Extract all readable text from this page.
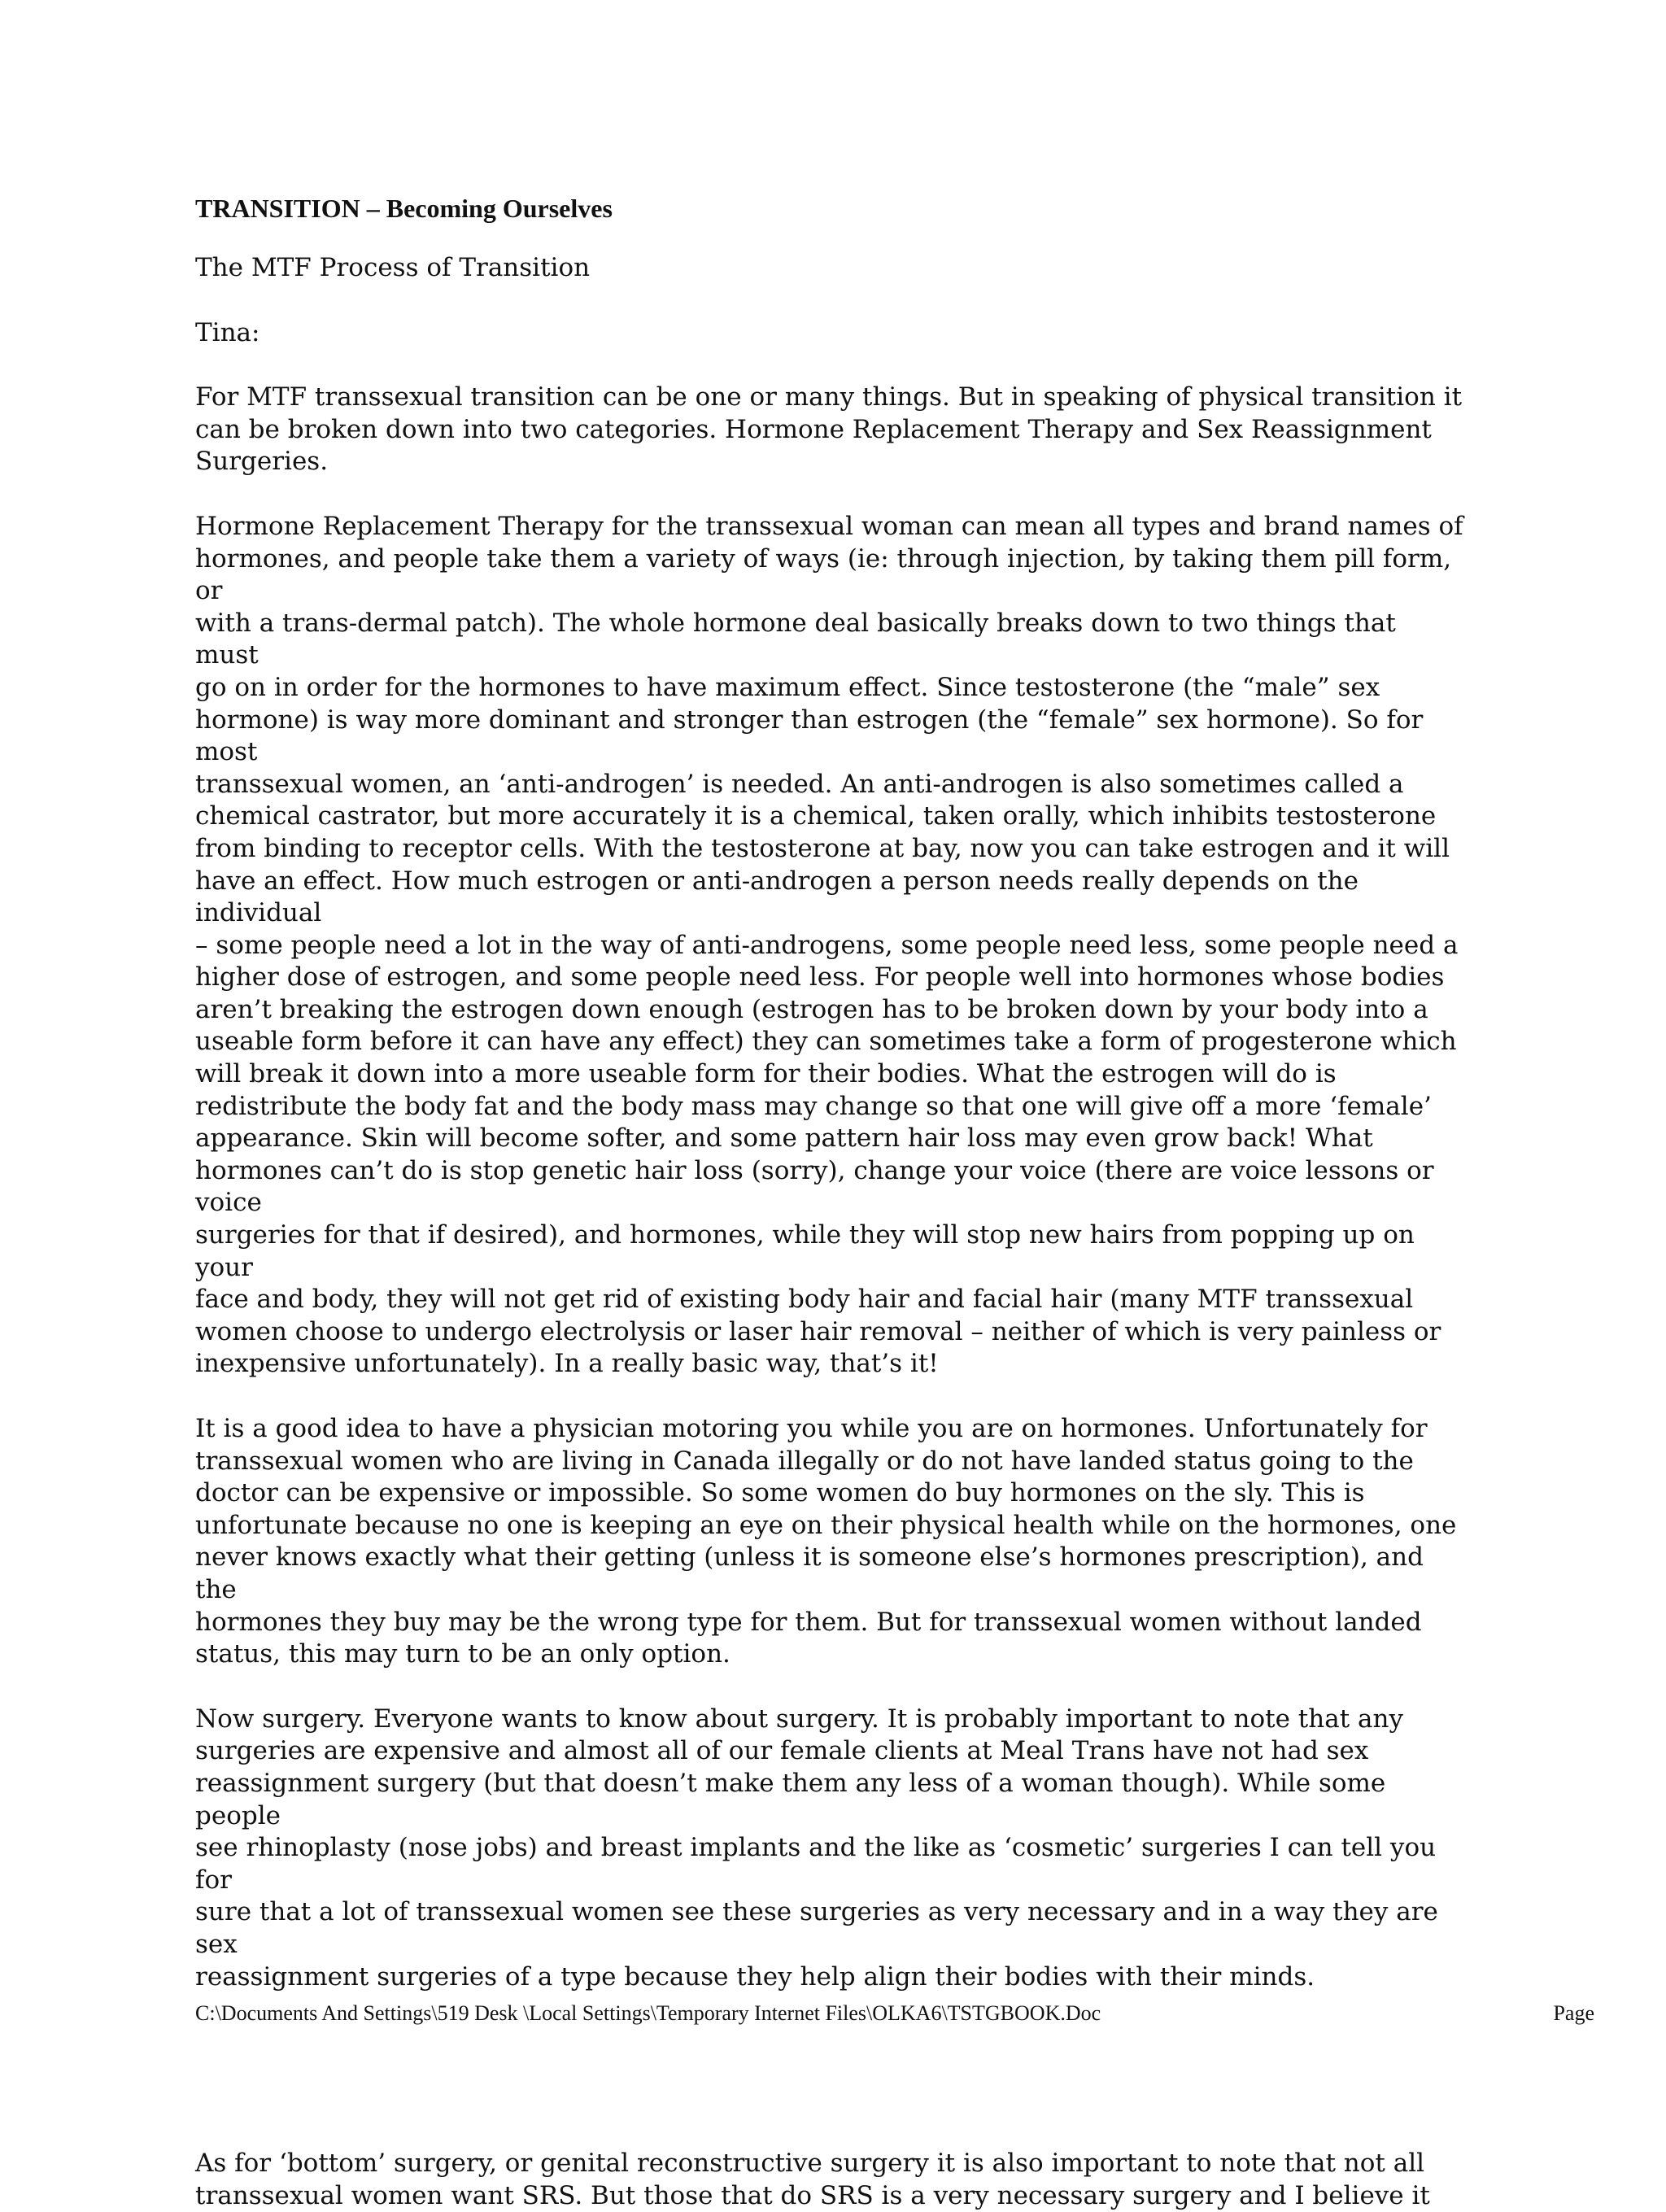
TRANSITION – Becoming Ourselves

The MTF Process of Transition

Tina:

For MTF transsexual transition can be one or many things. But in speaking of physical transition it
can be broken down into two categories. Hormone Replacement Therapy and Sex Reassignment
Surgeries.

Hormone Replacement Therapy for the transsexual woman can mean all types and brand names of
hormones, and people take them a variety of ways (ie: through injection, by taking them pill form, or
with a trans-dermal patch). The whole hormone deal basically breaks down to two things that must
go on in order for the hormones to have maximum effect. Since testosterone (the “male” sex
hormone) is way more dominant and stronger than estrogen (the “female” sex hormone). So for most
transsexual women, an ‘anti-androgen’ is needed. An anti-androgen is also sometimes called a
chemical castrator, but more accurately it is a chemical, taken orally, which inhibits testosterone
from binding to receptor cells. With the testosterone at bay, now you can take estrogen and it will
have an effect. How much estrogen or anti-androgen a person needs really depends on the individual
– some people need a lot in the way of anti-androgens, some people need less, some people need a
higher dose of estrogen, and some people need less. For people well into hormones whose bodies
aren’t breaking the estrogen down enough (estrogen has to be broken down by your body into a
useable form before it can have any effect) they can sometimes take a form of progesterone which
will break it down into a more useable form for their bodies. What the estrogen will do is
redistribute the body fat and the body mass may change so that one will give off a more ‘female’
appearance. Skin will become softer, and some pattern hair loss may even grow back! What
hormones can’t do is stop genetic hair loss (sorry), change your voice (there are voice lessons or voice
surgeries for that if desired), and hormones, while they will stop new hairs from popping up on your
face and body, they will not get rid of existing body hair and facial hair (many MTF transsexual
women choose to undergo electrolysis or laser hair removal – neither of which is very painless or
inexpensive unfortunately). In a really basic way, that’s it!

It is a good idea to have a physician motoring you while you are on hormones. Unfortunately for
transsexual women who are living in Canada illegally or do not have landed status going to the
doctor can be expensive or impossible. So some women do buy hormones on the sly. This is
unfortunate because no one is keeping an eye on their physical health while on the hormones, one
never knows exactly what their getting (unless it is someone else’s hormones prescription), and the
hormones they buy may be the wrong type for them. But for transsexual women without landed
status, this may turn to be an only option.

Now surgery. Everyone wants to know about surgery. It is probably important to note that any
surgeries are expensive and almost all of our female clients at Meal Trans have not had sex
reassignment surgery (but that doesn’t make them any less of a woman though). While some people
see rhinoplasty (nose jobs) and breast implants and the like as ‘cosmetic’ surgeries I can tell you for
sure that a lot of transsexual women see these surgeries as very necessary and in a way they are sex
reassignment surgeries of a type because they help align their bodies with their minds.

As for ‘bottom’ surgery, or genital reconstructive surgery it is also important to note that not all
transsexual women want SRS. But those that do SRS is a very necessary surgery and I believe it

C:\Documents And Settings\519 Desk \Local Settings\Temporary Internet Files\OLKA6\TSTGBOOK.Doc	Page
